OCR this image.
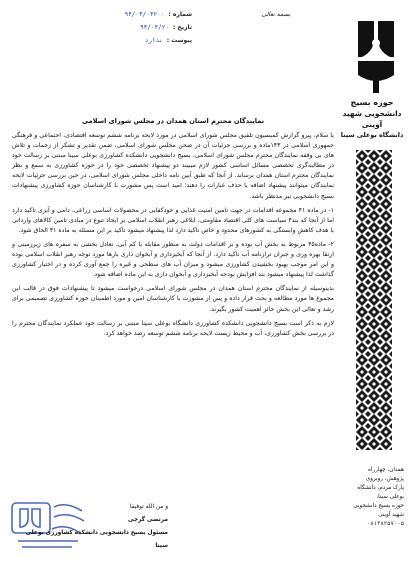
شماره :
۹۴/۰۴/۰۴۲۰۰
تاریخ :
۹۴/۰۴/۲۰
پیوست :
ندارد
بسمه تعالی
حوزه بسیج
دانشجویی شهید
آوینی
دانشگاه بوعلی سینا
همدان، چهارراه
پژوهش، روبروی
پارک مردم، دانشگاه
بوعلی سینا،
حوزه بسیج دانشجویی
شهید آوینی
۰۸۱۳۸۲۵۷۰۰۵
نمایندگان محترم استان همدان در مجلس شورای اسلامی

با سلام، پیرو گزارش کمیسیون تلفیق مجلس شورای اسلامی در مورد لایحه برنامه ششم توسعه اقتصادی، اجتماعی و فرهنگی جمهوری اسلامی در ۱۴۳ماده و بررسی جزئیات آن در صحن مجلس شورای اسلامی، ضمن تقدیر و تشکر از زحمات و تلاش های بی وقفه نمایندگان محترم مجلس شورای اسلامی، بسیج دانشجویی دانشکده کشاورزی بوعلی سینا مبتنی بر رسالت خود در مطالبه‌گری تخصصی مسائل اساسی کشور لازم میبیند دو پیشنهاد تخصصی خود را در حوزه کشاورزی به سمع و نظر نمایندگان محترم استان همدان برساند. از آنجا که طبق آیین نامه داخلی مجلس شورای اسلامی، در حین بررسی جزئیات لایحه نمایندگان میتوانند پیشنهاد اضافه یا حذف عبارات را دهند؛ امید است پس مشورت با کارشناسان حوزه کشاورزی پیشنهادات بسیج دانشجویی نیز مدنظر باشد.

۱- در ماده ۴۱ مجموعه اقدامات در جهت تامین امنیت غذایی و خودکفایی در محصولات اساسی زراعی، دامی و آبزی تاکید دارد اما از آنجا که بند۴ سیاست های کلی اقتصاد مقاومتی، ابلاغی رهبر انقلاب اسلامی بر ایجاد تنوع در مبادی تامین کالاهای وارداتی با هدف کاهش وابستگی به کشورهای محدود و خاص تاکید دارد لذا پیشنهاد میشود تاکید بر این مسئله به ماده ۴۱ الحاق شود.

۲- ماده۴۵ مربوط به بخش آب بوده و بر اقدامات دولت به منظور مقابله با کم آبی، تعادل بخشی به سفره های زیرزمینی و ارتقا بهره وری و جبران ترازنامه آب تاکید دارد. از آنجا که آبخیزداری و آبخوان داری بارها مورد توجه رهبر انقلاب اسلامی بوده و این امر موجب بهبود بخشیدن کشاورزی میشود و میزان آب های سطحی و غیره را جمع آوری کرده و در اختیار کشاورزی گذاشت لذا پیشنهاد میشود بند افزایش بودجه آبخیزداری و آبخوان داری به این ماده اضافه شود.

بدینوسیله از نمایندگان محترم استان همدان در مجلس شورای اسلامی درخواست میشود تا پیشنهادات فوق در قالب این مجموع ها مورد مطالعه و بحث قرار داده و پس از مشورت با کارشناسان امین و مورد اطمینان حوزه کشاورزی تصمیمی برای رشد و تعالی این بخش حائز اهمیت کشور بگیرند.

لازم به ذکر است بسیج دانشجویی دانشکده کشاورزی دانشگاه بوعلی سینا مبتنی بر رسالت خود عملکرد نمایندگان محترم را در بررسی بخش کشاورزی، آب و محیط زیست لایحه برنامه ششم توسعه رصد خواهد کرد.

و من الله توفیقا
مرتضی گرجی
مسئول بسیج دانشجویی دانشکده کشاورزی بوعلی سینا
